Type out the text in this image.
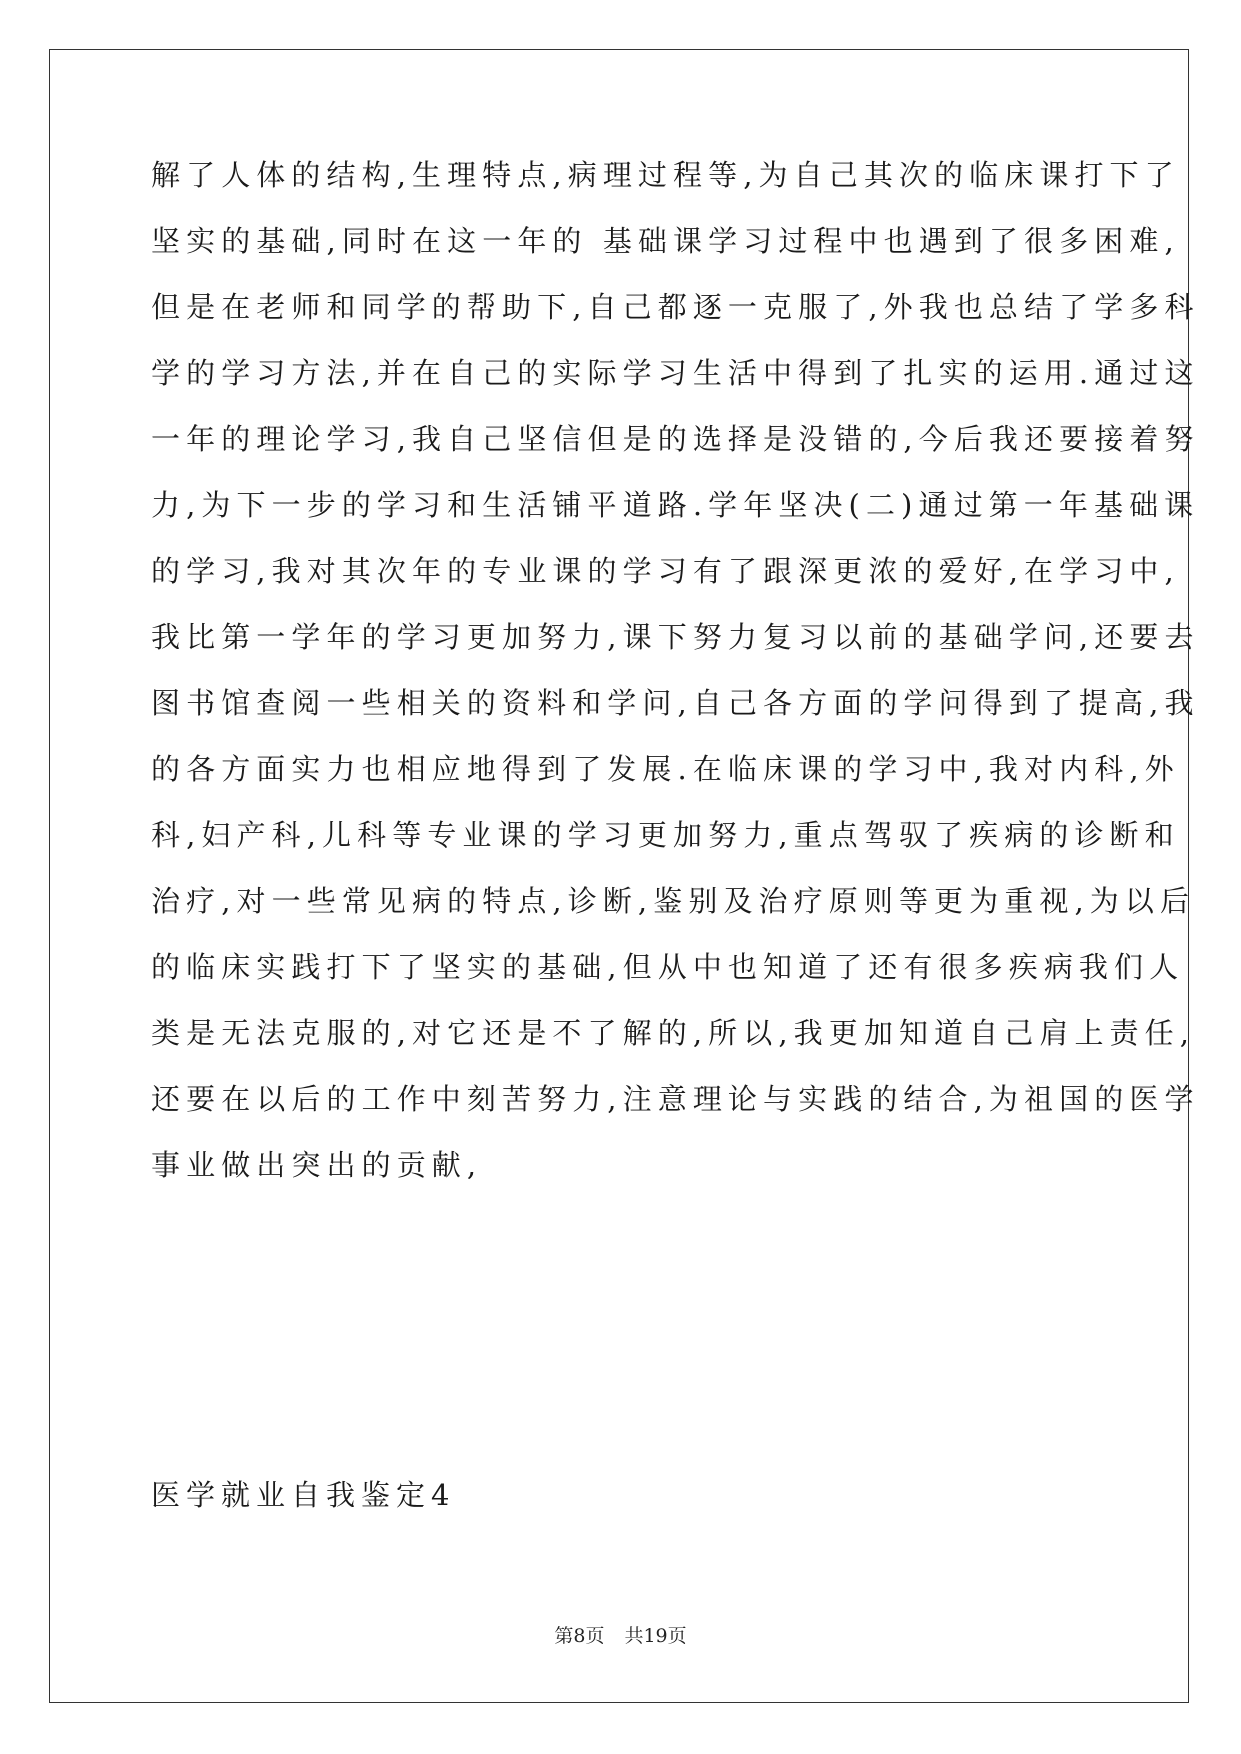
解了人体的结构,生理特点,病理过程等,为自己其次的临床课打下了
坚实的基础,同时在这一年的 基础课学习过程中也遇到了很多困难,
但是在老师和同学的帮助下,自己都逐一克服了,外我也总结了学多科
学的学习方法,并在自己的实际学习生活中得到了扎实的运用.通过这
一年的理论学习,我自己坚信但是的选择是没错的,今后我还要接着努
力,为下一步的学习和生活铺平道路.学年坚决(二)通过第一年基础课
的学习,我对其次年的专业课的学习有了跟深更浓的爱好,在学习中,
我比第一学年的学习更加努力,课下努力复习以前的基础学问,还要去
图书馆查阅一些相关的资料和学问,自己各方面的学问得到了提高,我
的各方面实力也相应地得到了发展.在临床课的学习中,我对内科,外
科,妇产科,儿科等专业课的学习更加努力,重点驾驭了疾病的诊断和
治疗,对一些常见病的特点,诊断,鉴别及治疗原则等更为重视,为以后
的临床实践打下了坚实的基础,但从中也知道了还有很多疾病我们人
类是无法克服的,对它还是不了解的,所以,我更加知道自己肩上责任,
还要在以后的工作中刻苦努力,注意理论与实践的结合,为祖国的医学
事业做出突出的贡献,
医学就业自我鉴定4
第8页 共19页
